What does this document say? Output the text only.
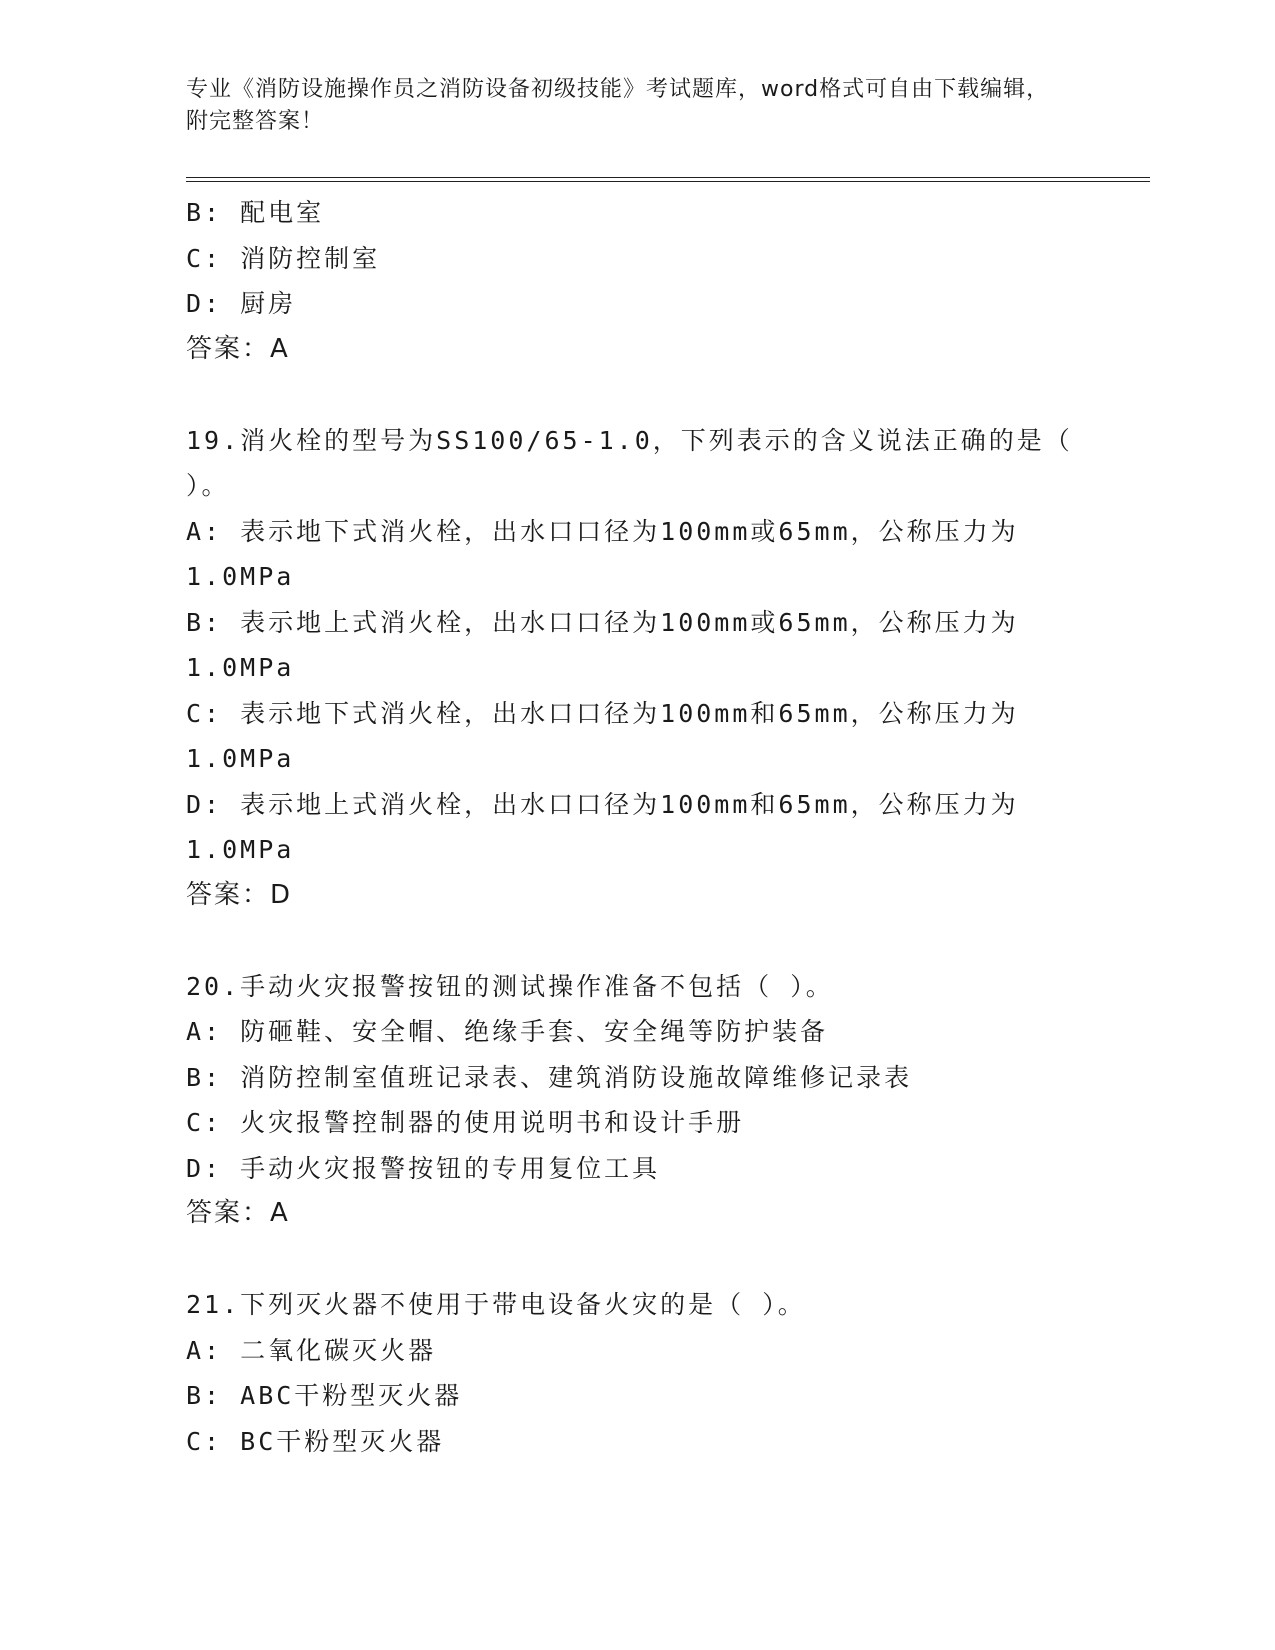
专业《消防设施操作员之消防设备初级技能》考试题库，word格式可自由下载编辑，附完整答案！
B: 配电室
C: 消防控制室
D: 厨房
答案：A
19.消火栓的型号为SS100/65-1.0，下列表示的含义说法正确的是（
）。
A: 表示地下式消火栓，出水口口径为100mm或65mm，公称压力为
1.0MPa
B: 表示地上式消火栓，出水口口径为100mm或65mm，公称压力为
1.0MPa
C: 表示地下式消火栓，出水口口径为100mm和65mm，公称压力为
1.0MPa
D: 表示地上式消火栓，出水口口径为100mm和65mm，公称压力为
1.0MPa
答案：D
20.手动火灾报警按钮的测试操作准备不包括（ ）。
A: 防砸鞋、安全帽、绝缘手套、安全绳等防护装备
B: 消防控制室值班记录表、建筑消防设施故障维修记录表
C: 火灾报警控制器的使用说明书和设计手册
D: 手动火灾报警按钮的专用复位工具
答案：A
21.下列灭火器不使用于带电设备火灾的是（ ）。
A: 二氧化碳灭火器
B: ABC干粉型灭火器
C: BC干粉型灭火器
